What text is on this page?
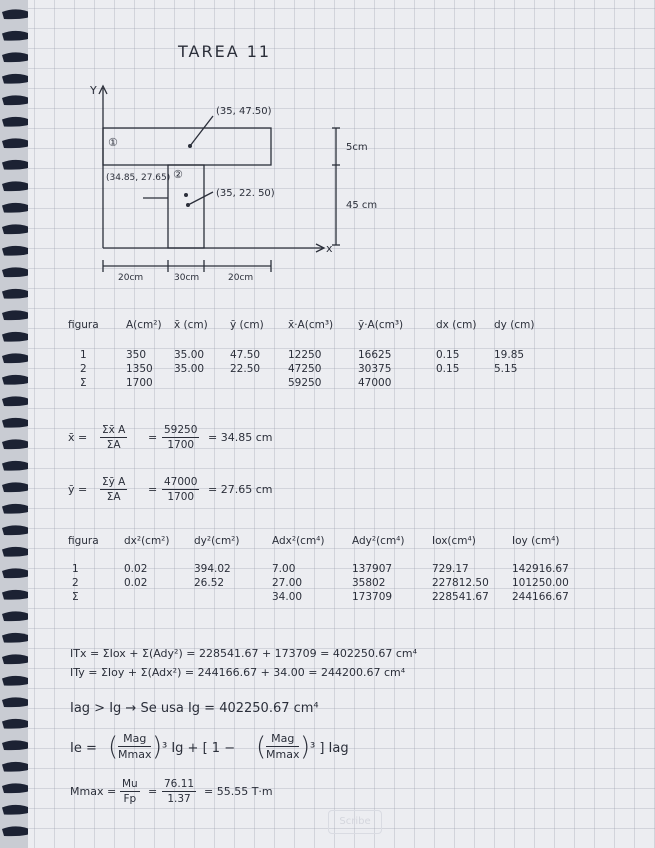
TAREA 11
Y
x
(35, 47.50)
①
②
(34.85, 27.65)
(35, 22. 50)
5cm
45 cm
20cm	30cm	20cm
figura	A(cm²)	x̄ (cm)	ȳ (cm)	x̄·A(cm³)	ȳ·A(cm³)	dx (cm)	dy (cm)

1	350	35.00	47.50	12250	16625	0.15	19.85
2	1350	35.00	22.50	47250	30375	0.15	5.15
Σ	1700			59250	47000		
x̄ = $\frac{\Sigma x̄ A}{\Sigma A} = \frac{59250}{1700} = 34.85$ cm
ȳ = $\frac{\text{Σȳ A}}{\Sigma A} = \frac{47000}{1700} = 27.65$ cm
figura	dx²(cm²)	dy²(cm²)	Adx²(cm⁴)	Ady²(cm⁴)	Iox(cm⁴)	Ioy (cm⁴)

1	0.02	394.02	7.00	137907	729.17	142916.67
2	0.02	26.52	27.00	35802	227812.50	101250.00
Σ			34.00	173709	228541.67	244166.67
ITx = ΣIox + Σ(Ady²) = 228541.67 + 173709 = 402250.67 cm⁴
ITy = ΣIoy + Σ(Adx²) = 244166.67 + 34.00 = 244200.67 cm⁴
Iag > Ig → Se usa Ig = 402250.67 cm⁴
Ie = ( Mag
Mmax ) ³ Ig + [ 1 − ( Mag
Mmax ) ³ ] Iag
$Mmax = \frac{Mu}{Fp} = \frac{76.11}{1.37} = 55.55$ T·m
Scribe
